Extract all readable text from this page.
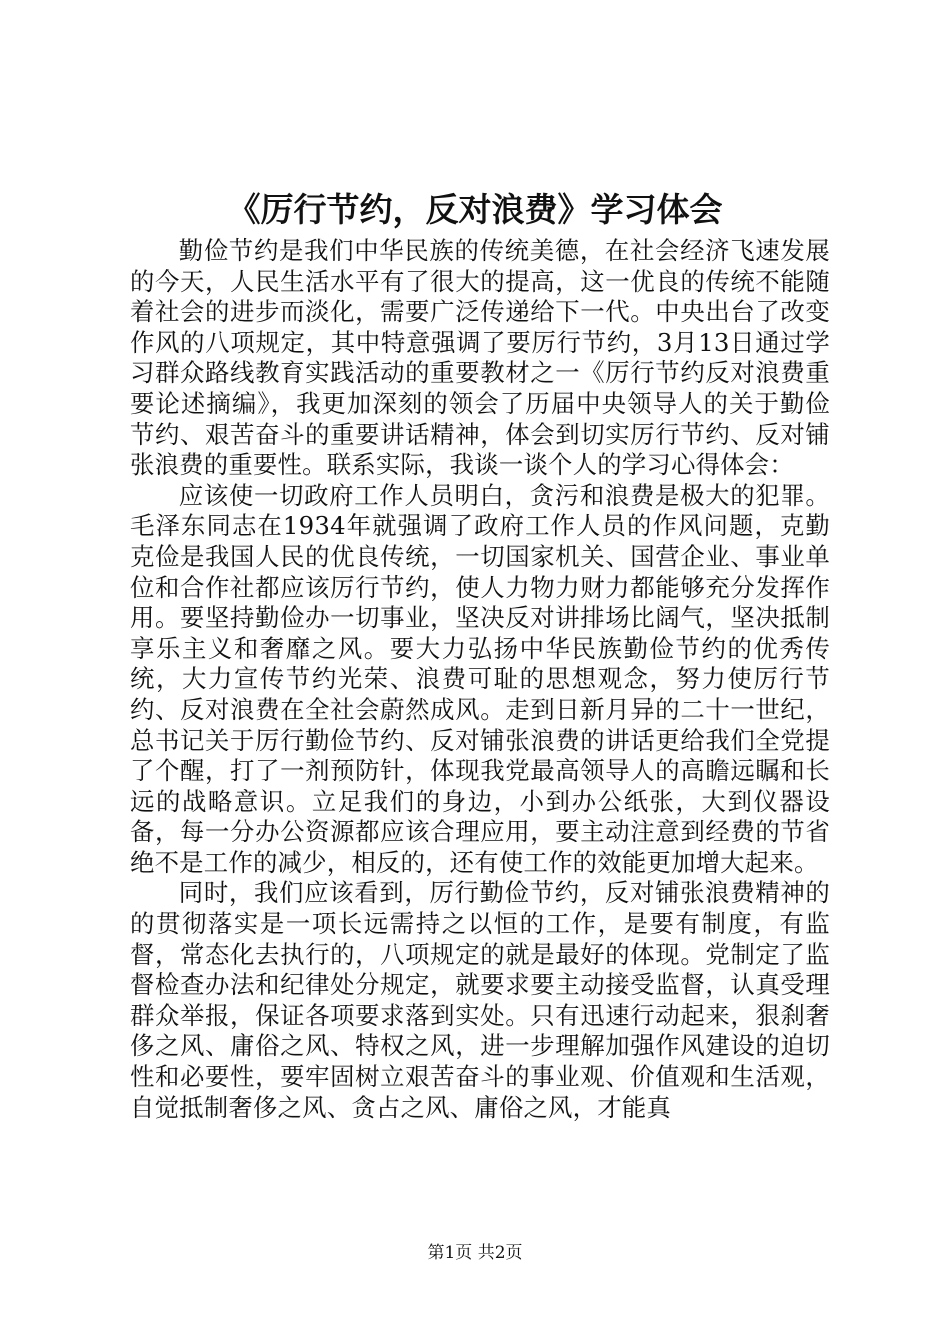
《厉行节约，反对浪费》学习体会

勤俭节约是我们中华民族的传统美德，在社会经济飞速发展的今天，人民生活水平有了很大的提高，这一优良的传统不能随着社会的进步而淡化，需要广泛传递给下一代。中央出台了改变作风的八项规定，其中特意强调了要厉行节约，3月13日通过学习群众路线教育实践活动的重要教材之一《厉行节约反对浪费重要论述摘编》，我更加深刻的领会了历届中央领导人的关于勤俭节约、艰苦奋斗的重要讲话精神，体会到切实厉行节约、反对铺张浪费的重要性。联系实际，我谈一谈个人的学习心得体会：

应该使一切政府工作人员明白，贪污和浪费是极大的犯罪。毛泽东同志在1934年就强调了政府工作人员的作风问题，克勤克俭是我国人民的优良传统，一切国家机关、国营企业、事业单位和合作社都应该厉行节约，使人力物力财力都能够充分发挥作用。要坚持勤俭办一切事业，坚决反对讲排场比阔气，坚决抵制享乐主义和奢靡之风。要大力弘扬中华民族勤俭节约的优秀传统，大力宣传节约光荣、浪费可耻的思想观念，努力使厉行节约、反对浪费在全社会蔚然成风。走到日新月异的二十一世纪，总书记关于厉行勤俭节约、反对铺张浪费的讲话更给我们全党提了个醒，打了一剂预防针，体现我党最高领导人的高瞻远瞩和长远的战略意识。立足我们的身边，小到办公纸张，大到仪器设备，每一分办公资源都应该合理应用，要主动注意到经费的节省绝不是工作的减少，相反的，还有使工作的效能更加增大起来。

同时，我们应该看到，厉行勤俭节约，反对铺张浪费精神的的贯彻落实是一项长远需持之以恒的工作，是要有制度，有监督，常态化去执行的，八项规定的就是最好的体现。党制定了监督检查办法和纪律处分规定，就要求要主动接受监督，认真受理群众举报，保证各项要求落到实处。只有迅速行动起来，狠刹奢侈之风、庸俗之风、特权之风，进一步理解加强作风建设的迫切性和必要性，要牢固树立艰苦奋斗的事业观、价值观和生活观，自觉抵制奢侈之风、贪占之风、庸俗之风，才能真

第1页 共2页
